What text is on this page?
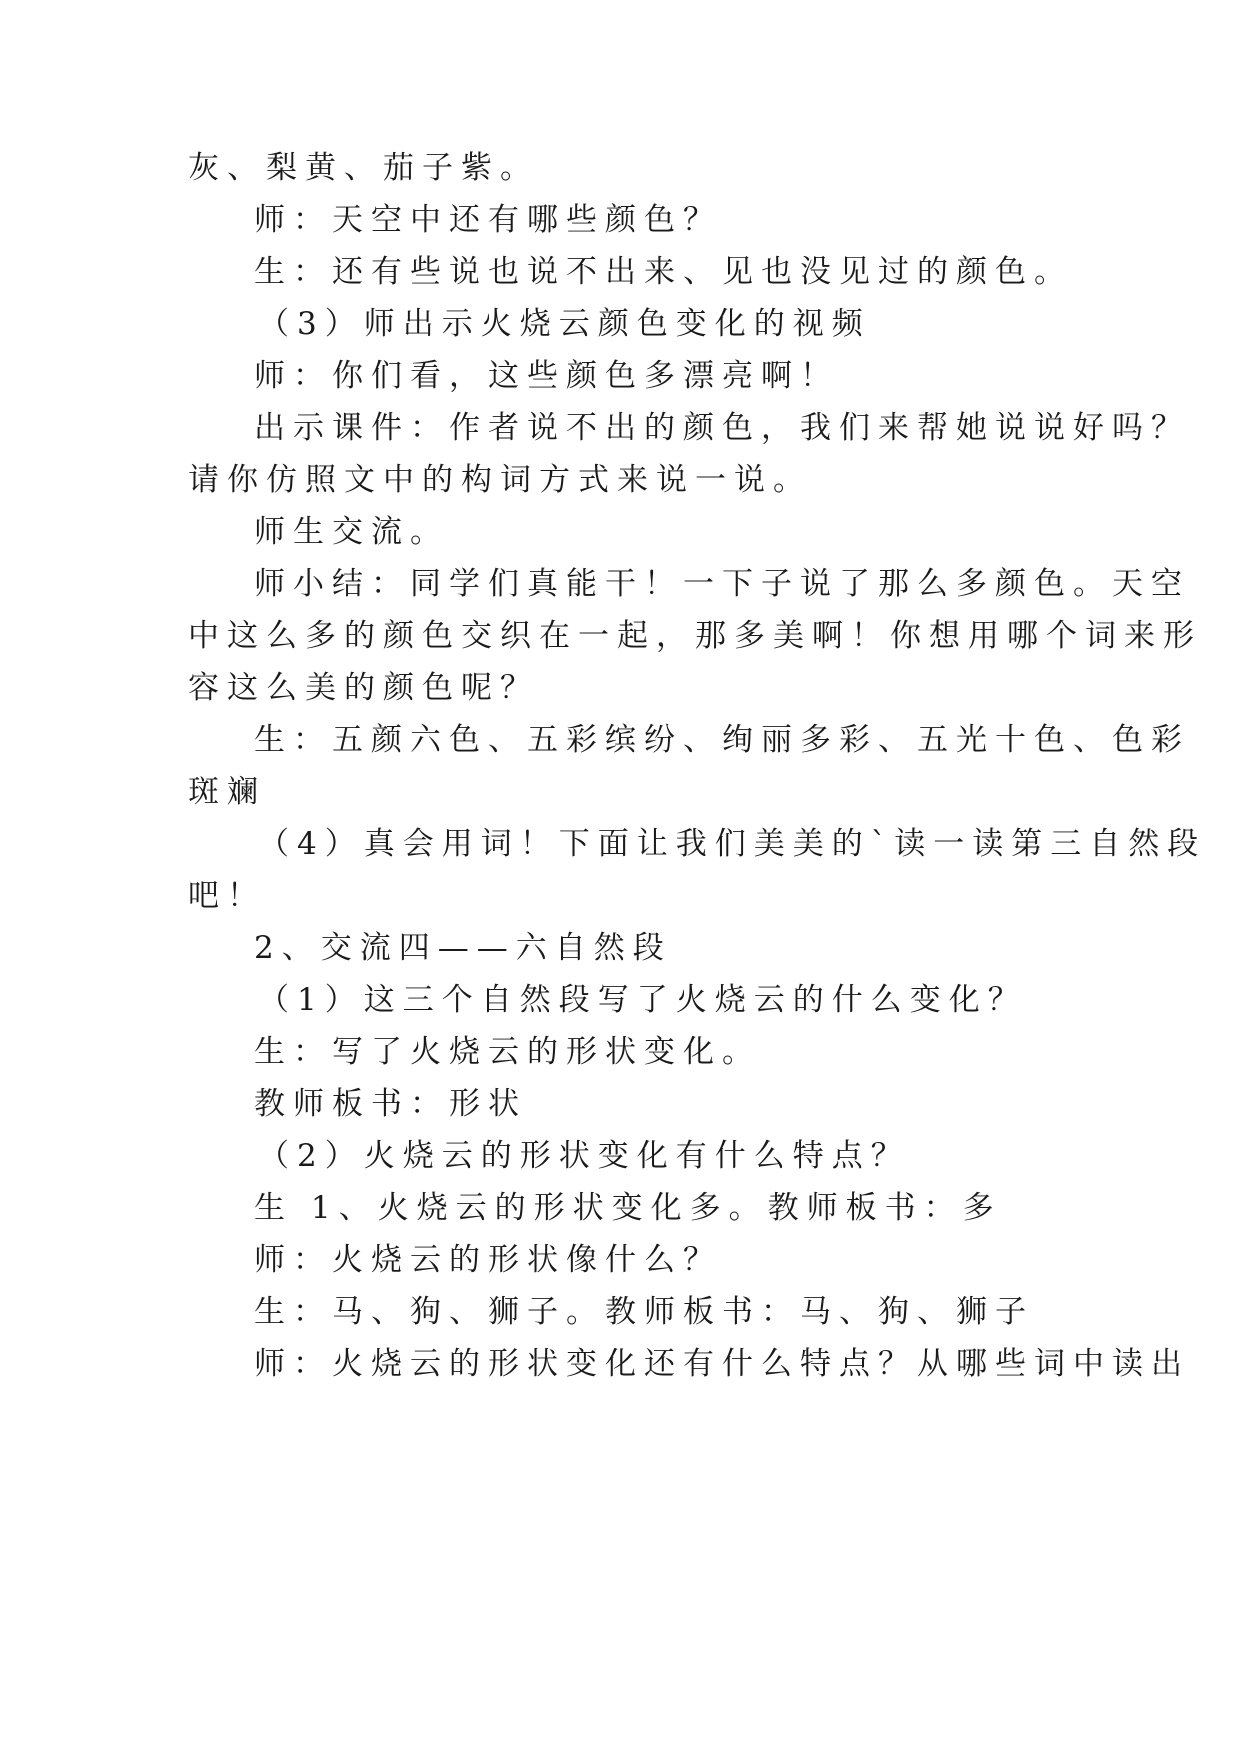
灰、梨黄、茄子紫。

师：天空中还有哪些颜色？

生：还有些说也说不出来、见也没见过的颜色。

（3）师出示火烧云颜色变化的视频

师：你们看，这些颜色多漂亮啊！

出示课件：作者说不出的颜色，我们来帮她说说好吗？

请你仿照文中的构词方式来说一说。

师生交流。

师小结：同学们真能干！一下子说了那么多颜色。天空

中这么多的颜色交织在一起，那多美啊！你想用哪个词来形

容这么美的颜色呢？

生：五颜六色、五彩缤纷、绚丽多彩、五光十色、色彩

斑斓

（4）真会用词！下面让我们美美的`读一读第三自然段

吧！

2、交流四——六自然段

（1）这三个自然段写了火烧云的什么变化？

生：写了火烧云的形状变化。

教师板书：形状

（2）火烧云的形状变化有什么特点？

生 1、火烧云的形状变化多。教师板书：多

师：火烧云的形状像什么？

生：马、狗、狮子。教师板书：马、狗、狮子

师：火烧云的形状变化还有什么特点？从哪些词中读出
